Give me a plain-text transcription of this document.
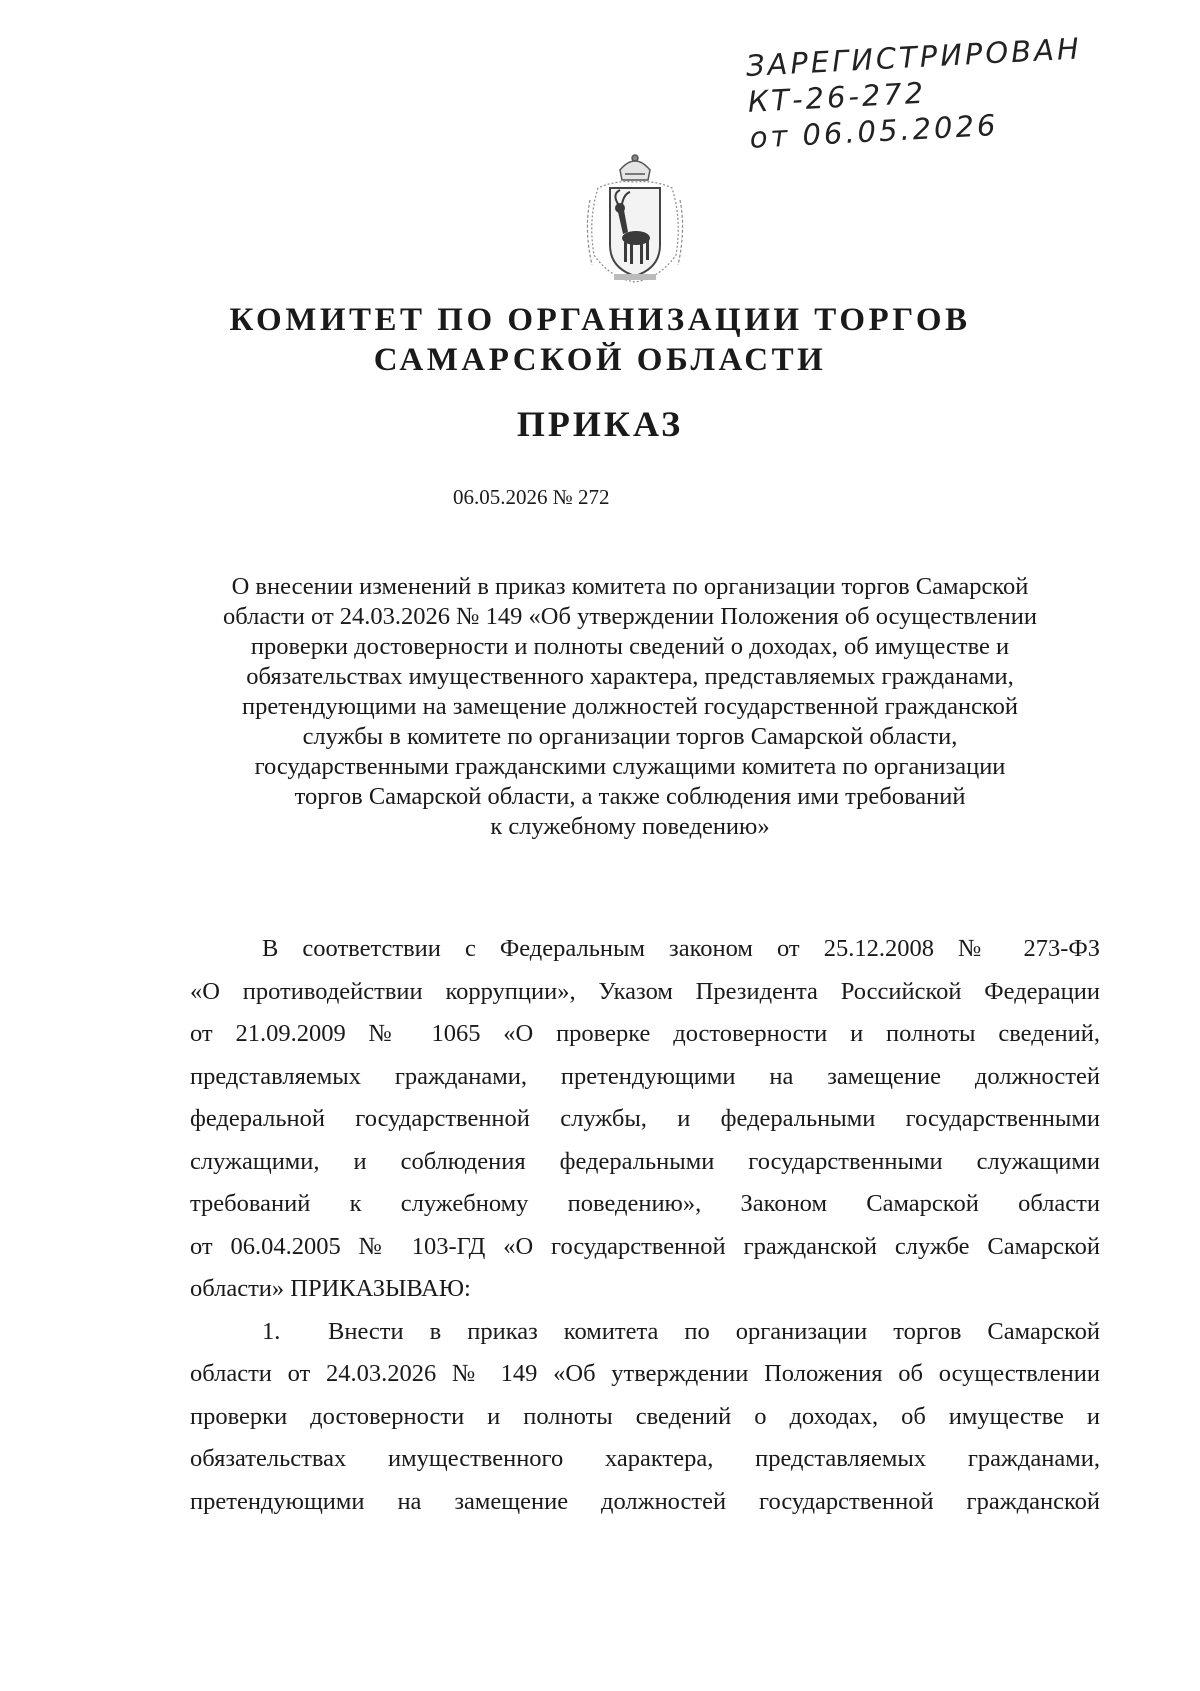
ЗАРЕГИСТРИРОВАН
КТ-26-272
от 06.05.2026
КОМИТЕТ ПО ОРГАНИЗАЦИИ ТОРГОВ
САМАРСКОЙ ОБЛАСТИ
ПРИКАЗ
06.05.2026 № 272
О внесении изменений в приказ комитета по организации торгов Самарской
области от 24.03.2026 № 149 «Об утверждении Положения об осуществлении
проверки достоверности и полноты сведений о доходах, об имуществе и
обязательствах имущественного характера, представляемых гражданами,
претендующими на замещение должностей государственной гражданской
службы в комитете по организации торгов Самарской области,
государственными гражданскими служащими комитета по организации
торгов Самарской области, а также соблюдения ими требований
к служебному поведению»
В соответствии с Федеральным законом от 25.12.2008 № 273-ФЗ
«О противодействии коррупции», Указом Президента Российской Федерации
от 21.09.2009 № 1065 «О проверке достоверности и полноты сведений,
представляемых гражданами, претендующими на замещение должностей
федеральной государственной службы, и федеральными государственными
служащими, и соблюдения федеральными государственными служащими
требований к служебному поведению», Законом Самарской области
от 06.04.2005 № 103-ГД «О государственной гражданской службе Самарской
области» ПРИКАЗЫВАЮ:
1.	Внести в приказ комитета по организации торгов Самарской
области от 24.03.2026 № 149 «Об утверждении Положения об осуществлении
проверки достоверности и полноты сведений о доходах, об имуществе и
обязательствах имущественного характера, представляемых гражданами,
претендующими на замещение должностей государственной гражданской
